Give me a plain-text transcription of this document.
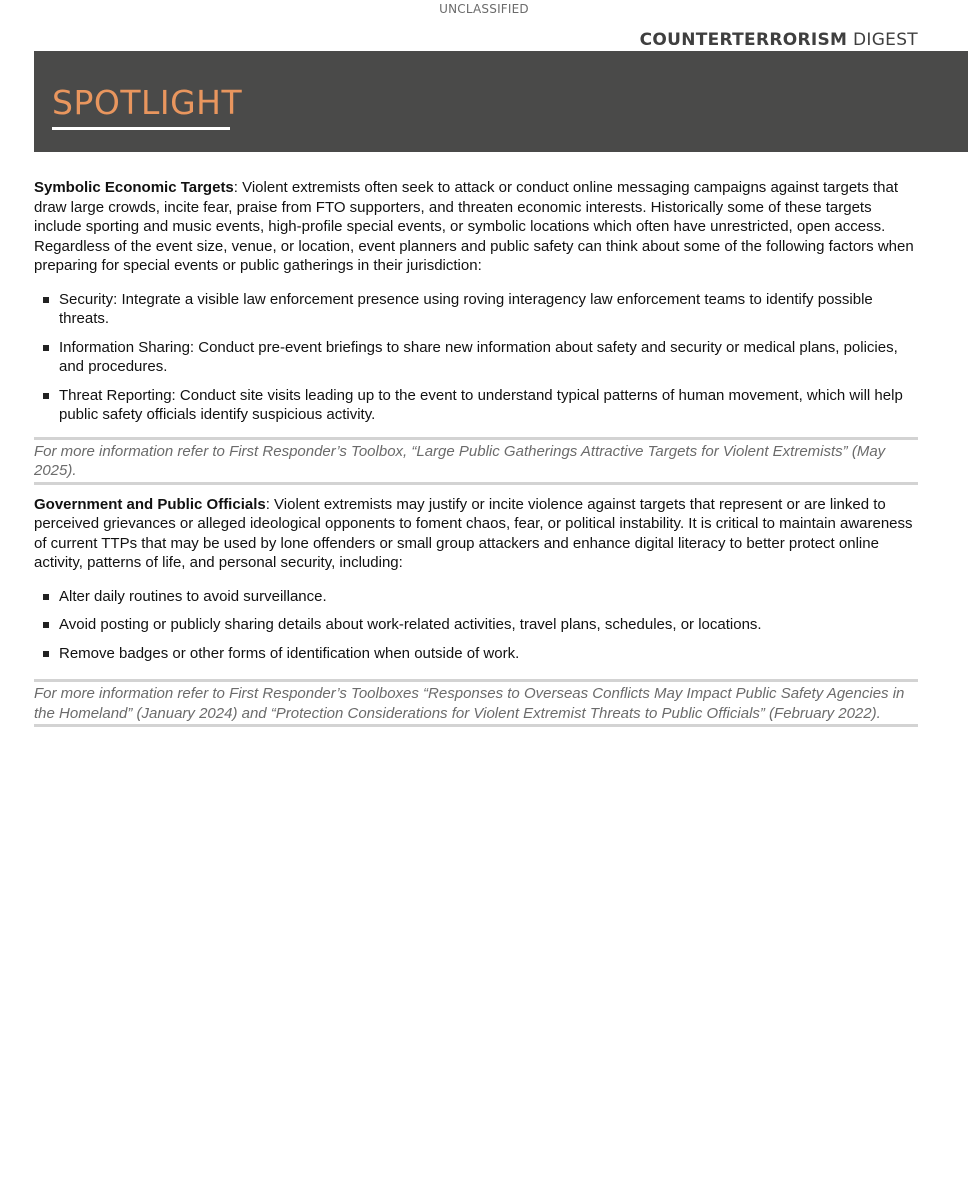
UNCLASSIFIED
COUNTERTERRORISM DIGEST
SPOTLIGHT

Symbolic Economic Targets: Violent extremists often seek to attack or conduct online messaging campaigns against targets that draw large crowds, incite fear, praise from FTO supporters, and threaten economic interests. Historically some of these targets include sporting and music events, high-profile special events, or symbolic locations which often have unrestricted, open access. Regardless of the event size, venue, or location, event planners and public safety can think about some of the following factors when preparing for special events or public gatherings in their jurisdiction:

Security: Integrate a visible law enforcement presence using roving interagency law enforcement teams to identify possible threats.
Information Sharing: Conduct pre-event briefings to share new information about safety and security or medical plans, policies, and procedures.
Threat Reporting: Conduct site visits leading up to the event to understand typical patterns of human movement, which will help public safety officials identify suspicious activity.
For more information refer to First Responder’s Toolbox, “Large Public Gatherings Attractive Targets for Violent Extremists” (May 2025).

Government and Public Officials: Violent extremists may justify or incite violence against targets that represent or are linked to perceived grievances or alleged ideological opponents to foment chaos, fear, or political instability. It is critical to maintain awareness of current TTPs that may be used by lone offenders or small group attackers and enhance digital literacy to better protect online activity, patterns of life, and personal security, including:

Alter daily routines to avoid surveillance.
Avoid posting or publicly sharing details about work-related activities, travel plans, schedules, or locations.
Remove badges or other forms of identification when outside of work.
For more information refer to First Responder’s Toolboxes “Responses to Overseas Conflicts May Impact Public Safety Agencies in the Homeland” (January 2024) and “Protection Considerations for Violent Extremist Threats to Public Officials” (February 2022).
